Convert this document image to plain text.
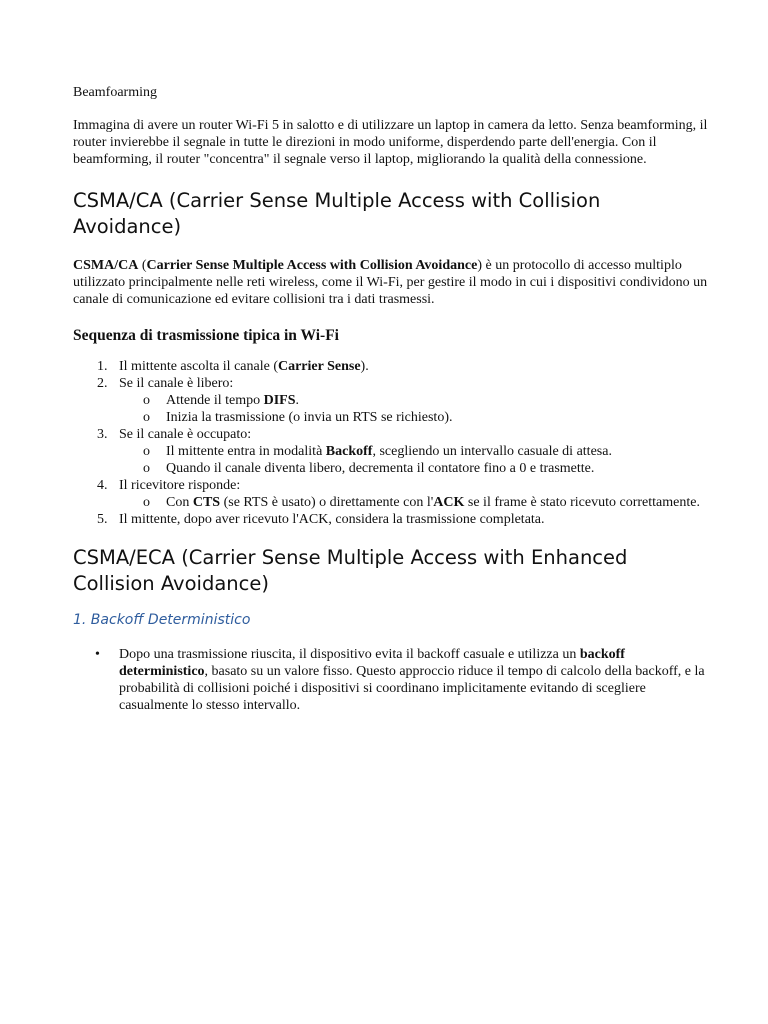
Beamfoarming

Immagina di avere un router Wi-Fi 5 in salotto e di utilizzare un laptop in camera da letto. Senza beamforming, il router invierebbe il segnale in tutte le direzioni in modo uniforme, disperdendo parte dell'energia. Con il beamforming, il router "concentra" il segnale verso il laptop, migliorando la qualità della connessione.

CSMA/CA (Carrier Sense Multiple Access with Collision Avoidance)

CSMA/CA (Carrier Sense Multiple Access with Collision Avoidance) è un protocollo di accesso multiplo utilizzato principalmente nelle reti wireless, come il Wi-Fi, per gestire il modo in cui i dispositivi condividono un canale di comunicazione ed evitare collisioni tra i dati trasmessi.

Sequenza di trasmissione tipica in Wi-Fi
1. Il mittente ascolta il canale (Carrier Sense).
2. Se il canale è libero:
o Attende il tempo DIFS.
o Inizia la trasmissione (o invia un RTS se richiesto).
3. Se il canale è occupato:
o Il mittente entra in modalità Backoff, scegliendo un intervallo casuale di attesa.
o Quando il canale diventa libero, decrementa il contatore fino a 0 e trasmette.
4. Il ricevitore risponde:
o Con CTS (se RTS è usato) o direttamente con l'ACK se il frame è stato ricevuto correttamente.
5. Il mittente, dopo aver ricevuto l'ACK, considera la trasmissione completata.
CSMA/ECA (Carrier Sense Multiple Access with Enhanced Collision Avoidance)
1. Backoff Deterministico
• Dopo una trasmissione riuscita, il dispositivo evita il backoff casuale e utilizza un backoff deterministico, basato su un valore fisso. Questo approccio riduce il tempo di calcolo della backoff, e la probabilità di collisioni poiché i dispositivi si coordinano implicitamente evitando di scegliere casualmente lo stesso intervallo.
